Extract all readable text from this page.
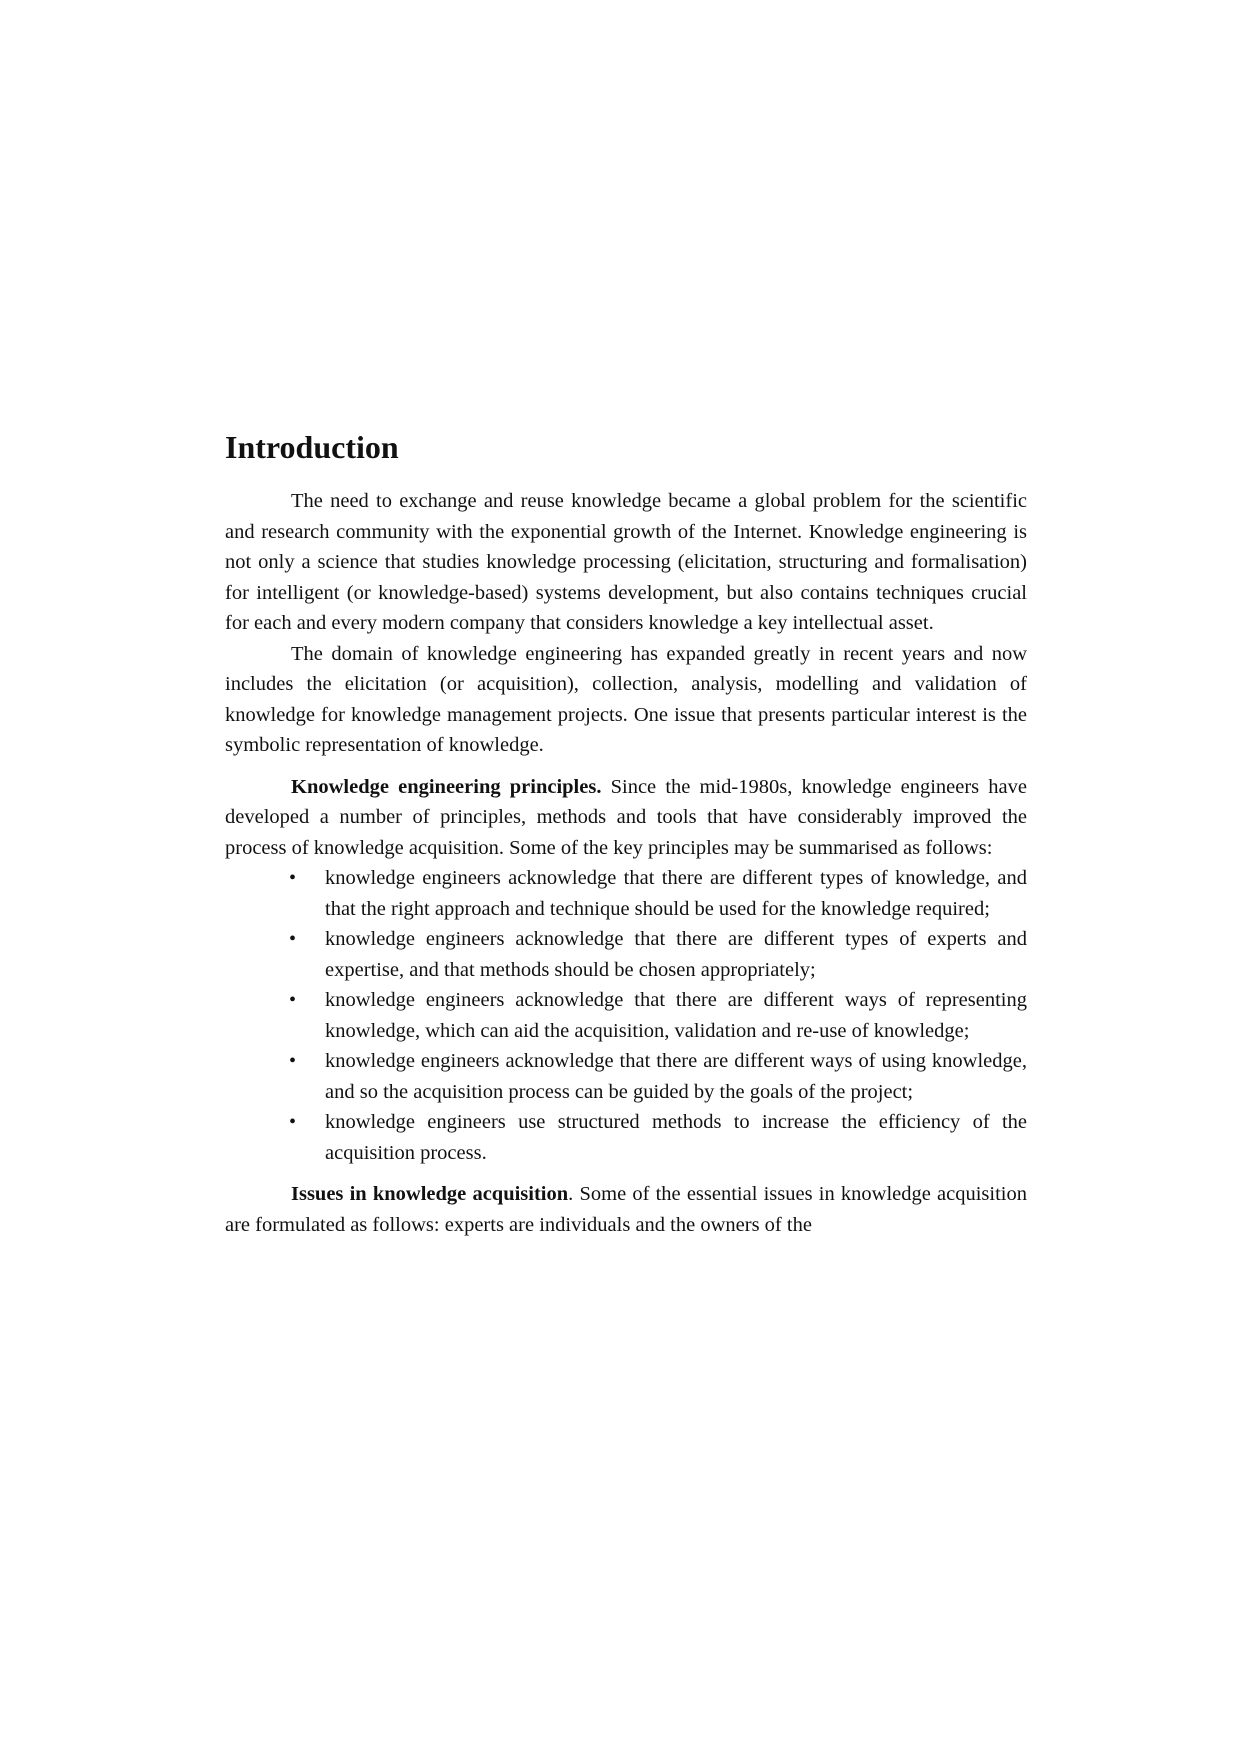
Introduction

The need to exchange and reuse knowledge became a global problem for the scientific and research community with the exponential growth of the Internet. Knowledge engineering is not only a science that studies knowledge processing (elicitation, structuring and formalisation) for intelligent (or knowledge-based) systems development, but also contains techniques crucial for each and every modern company that considers knowledge a key intellectual asset.

The domain of knowledge engineering has expanded greatly in recent years and now includes the elicitation (or acquisition), collection, analysis, modelling and validation of knowledge for knowledge management projects. One issue that presents particular interest is the symbolic representation of knowledge.

Knowledge engineering principles. Since the mid-1980s, knowledge engineers have developed a number of principles, methods and tools that have considerably improved the process of knowledge acquisition. Some of the key principles may be summarised as follows:

• knowledge engineers acknowledge that there are different types of knowledge, and that the right approach and technique should be used for the knowledge required;
• knowledge engineers acknowledge that there are different types of experts and expertise, and that methods should be chosen appropriately;
• knowledge engineers acknowledge that there are different ways of representing knowledge, which can aid the acquisition, validation and re-use of knowledge;
• knowledge engineers acknowledge that there are different ways of using knowledge, and so the acquisition process can be guided by the goals of the project;
• knowledge engineers use structured methods to increase the efficiency of the acquisition process.

Issues in knowledge acquisition. Some of the essential issues in knowledge acquisition are formulated as follows: experts are individuals and the owners of the
